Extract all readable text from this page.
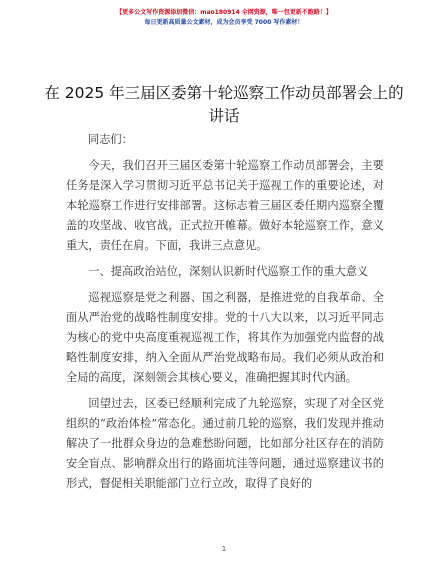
【更多公文写作资源添加微信：mao180914 全网资源，唯一包更新不跑路！】
每日更新高质量公文素材，成为会员享受 7000 写作素材！
在 2025 年三届区委第十轮巡察工作动员部署会上的讲话

同志们：

今天，我们召开三届区委第十轮巡察工作动员部署会，主要任务是深入学习贯彻习近平总书记关于巡视工作的重要论述，对本轮巡察工作进行安排部署。这标志着三届区委任期内巡察全覆盖的攻坚战、收官战，正式拉开帷幕。做好本轮巡察工作，意义重大，责任在肩。下面，我讲三点意见。

一、提高政治站位，深刻认识新时代巡察工作的重大意义

巡视巡察是党之利器、国之利器，是推进党的自我革命、全面从严治党的战略性制度安排。党的十八大以来，以习近平同志为核心的党中央高度重视巡视工作，将其作为加强党内监督的战略性制度安排，纳入全面从严治党战略布局。我们必须从政治和全局的高度，深刻领会其核心要义，准确把握其时代内涵。

回望过去，区委已经顺利完成了九轮巡察，实现了对全区党组织的“政治体检”常态化。通过前几轮的巡察，我们发现并推动解决了一批群众身边的急难愁盼问题，比如部分社区存在的消防安全盲点、影响群众出行的路面坑洼等问题，通过巡察建议书的形式，督促相关职能部门立行立改，取得了良好的

1
